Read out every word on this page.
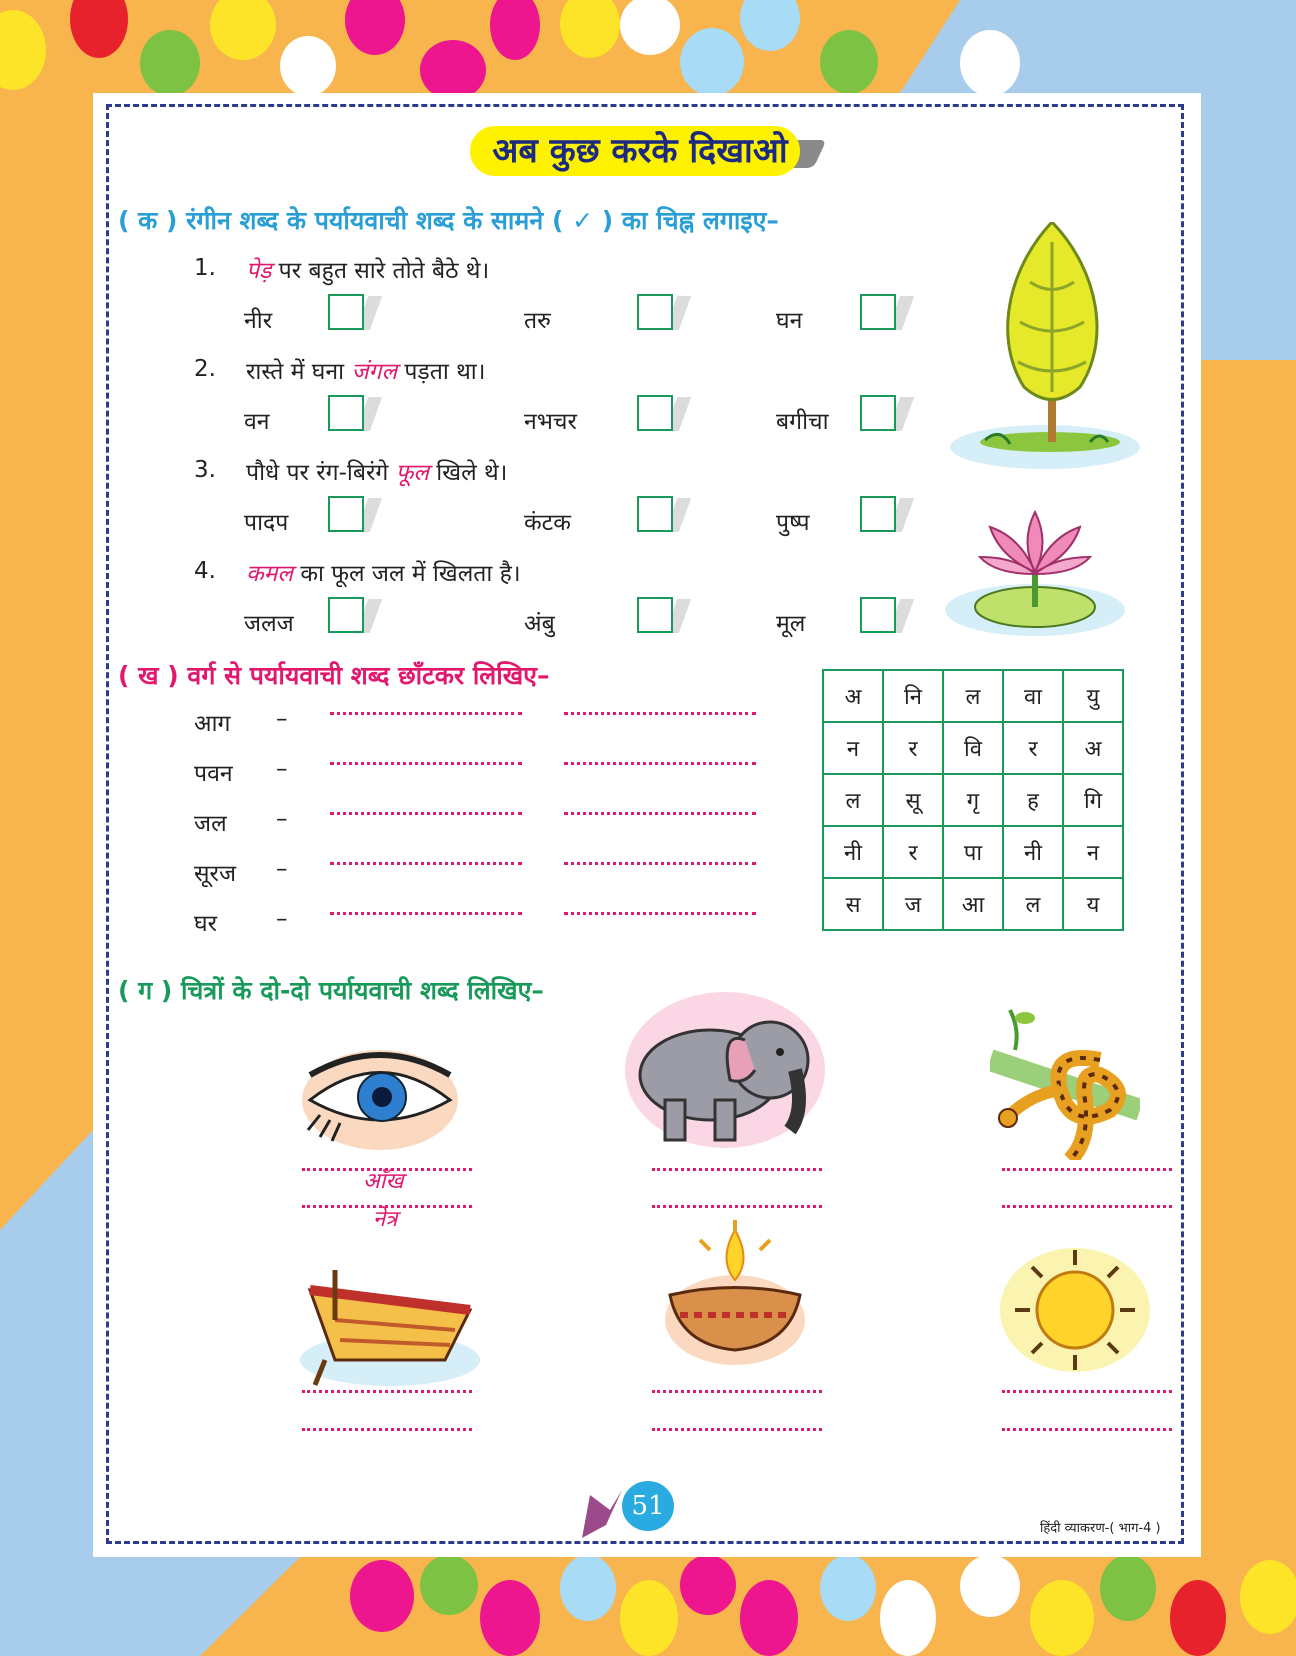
अब कुछ करके दिखाओ
( क ) रंगीन शब्द के पर्यायवाची शब्द के सामने ( ✓ ) का चिह्न लगाइए–
1. पेड़ पर बहुत सारे तोते बैठे थे।
नीर	तरु	घन
2. रास्ते में घना जंगल पड़ता था।
वन	नभचर	बगीचा
3. पौधे पर रंग-बिरंगे फूल खिले थे।
पादप	कंटक	पुष्प
4. कमल का फूल जल में खिलता है।
जलज	अंबु	मूल
( ख ) वर्ग से पर्यायवाची शब्द छाँटकर लिखिए–
आग –
पवन –
जल –
सूरज –
घर	–
अ	नि	ल	वा	यु
न	र	वि	र	अ
ल	सू	गृ	ह	गि
नी	र	पा	नी	न
स	ज	आ	ल	य
( ग ) चित्रों के दो-दो पर्यायवाची शब्द लिखिए–
आँख
नेत्र
51
हिंदी व्याकरण-( भाग-4 )
